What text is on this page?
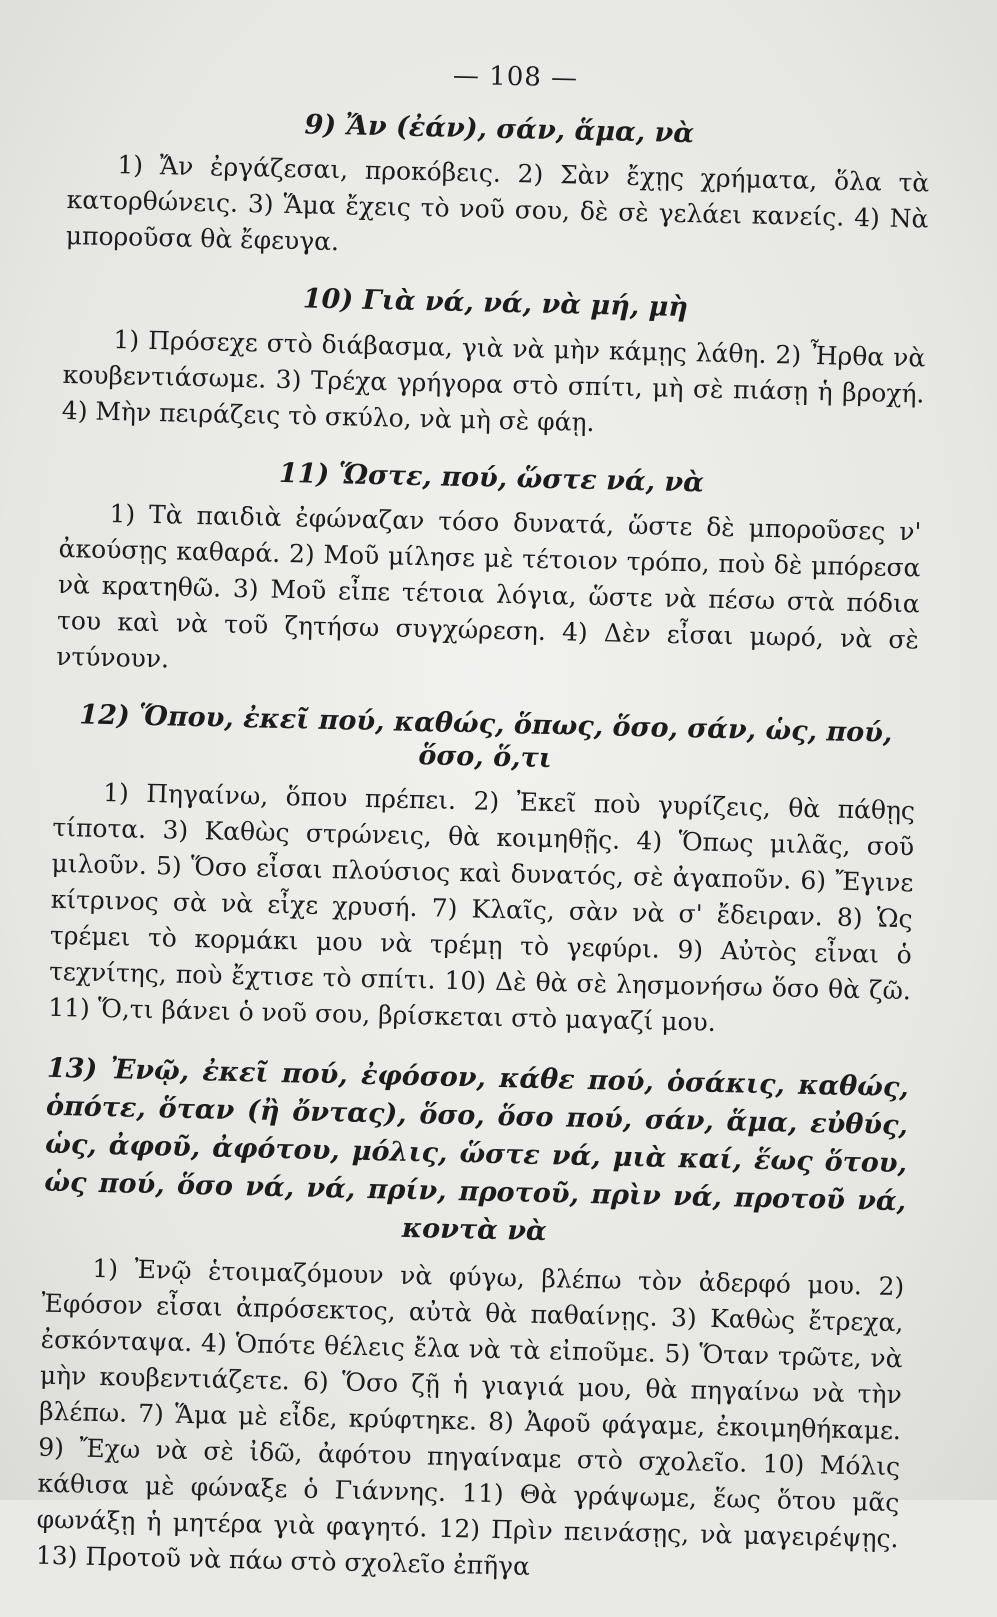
— 108 —
9) Ἄν (ἐάν), σάν, ἅμα, νὰ
1) Ἄν ἐργάζεσαι, προκόβεις. 2) Σὰν ἔχῃς χρήματα, ὅλα τὰ κατορθώνεις. 3) Ἅμα ἔχεις τὸ νοῦ σου, δὲ σὲ γελάει κανείς. 4) Νὰ μποροῦσα θὰ ἔφευγα.
10) Γιὰ νά, νά, νὰ μή, μὴ
1) Πρόσεχε στὸ διάβασμα, γιὰ νὰ μὴν κάμῃς λάθη. 2) Ἦρθα νὰ κουβεντιάσωμε. 3) Τρέχα γρήγορα στὸ σπίτι, μὴ σὲ πιάσῃ ἡ βροχή. 4) Μὴν πειράζεις τὸ σκύλο, νὰ μὴ σὲ φάῃ.
11) Ὥστε, πού, ὥστε νά, νὰ
1) Τὰ παιδιὰ ἐφώναζαν τόσο δυνατά, ὥστε δὲ μποροῦσες ν' ἀκούσῃς καθαρά. 2) Μοῦ μίλησε μὲ τέτοιον τρόπο, ποὺ δὲ μπόρεσα νὰ κρατηθῶ. 3) Μοῦ εἶπε τέτοια λόγια, ὥστε νὰ πέσω στὰ πόδια του καὶ νὰ τοῦ ζητήσω συγχώρεση. 4) Δὲν εἶσαι μωρό, νὰ σὲ ντύνουν.
12) Ὅπου, ἐκεῖ πού, καθώς, ὅπως, ὅσο, σάν, ὡς, πού, ὅσο, ὅ,τι
1) Πηγαίνω, ὅπου πρέπει. 2) Ἐκεῖ ποὺ γυρίζεις, θὰ πάθῃς τίποτα. 3) Καθὼς στρώνεις, θὰ κοιμηθῇς. 4) Ὅπως μιλᾶς, σοῦ μιλοῦν. 5) Ὅσο εἶσαι πλούσιος καὶ δυνατός, σὲ ἀγαποῦν. 6) Ἔγινε κίτρινος σὰ νὰ εἶχε χρυσή. 7) Κλαῖς, σὰν νὰ σ' ἔδειραν. 8) Ὡς τρέμει τὸ κορμάκι μου νὰ τρέμῃ τὸ γεφύρι. 9) Αὐτὸς εἶναι ὁ τεχνίτης, ποὺ ἔχτισε τὸ σπίτι. 10) Δὲ θὰ σὲ λησμονήσω ὅσο θὰ ζῶ. 11) Ὅ,τι βάνει ὁ νοῦ σου, βρίσκεται στὸ μαγαζί μου.
13) Ἐνῷ, ἐκεῖ πού, ἐφόσον, κάθε πού, ὁσάκις, καθώς, ὁπότε, ὅταν (ἢ ὄντας), ὅσο, ὅσο πού, σάν, ἅμα, εὐθύς, ὡς, ἀφοῦ, ἀφότου, μόλις, ὥστε νά, μιὰ καί, ἕως ὅτου, ὡς πού, ὅσο νά, νά, πρίν, προτοῦ, πρὶν νά, προτοῦ νά, κοντὰ νὰ
1) Ἐνῷ ἑτοιμαζόμουν νὰ φύγω, βλέπω τὸν ἀδερφό μου. 2) Ἐφόσον εἶσαι ἀπρόσεκτος, αὐτὰ θὰ παθαίνῃς. 3) Καθὼς ἔτρεχα, ἐσκόνταψα. 4) Ὁπότε θέλεις ἔλα νὰ τὰ εἰποῦμε. 5) Ὅταν τρῶτε, νὰ μὴν κουβεντιάζετε. 6) Ὅσο ζῇ ἡ γιαγιά μου, θὰ πηγαίνω νὰ τὴν βλέπω. 7) Ἅμα μὲ εἶδε, κρύφτηκε. 8) Ἀφοῦ φάγαμε, ἐκοιμηθήκαμε. 9) Ἔχω νὰ σὲ ἰδῶ, ἀφότου πηγαίναμε στὸ σχολεῖο. 10) Μόλις κάθισα μὲ φώναξε ὁ Γιάννης. 11) Θὰ γράψωμε, ἕως ὅτου μᾶς φωνάξῃ ἡ μητέρα γιὰ φαγητό. 12) Πρὶν πεινάσῃς, νὰ μαγειρέψῃς. 13) Προτοῦ νὰ πάω στὸ σχολεῖο ἐπῆγα
